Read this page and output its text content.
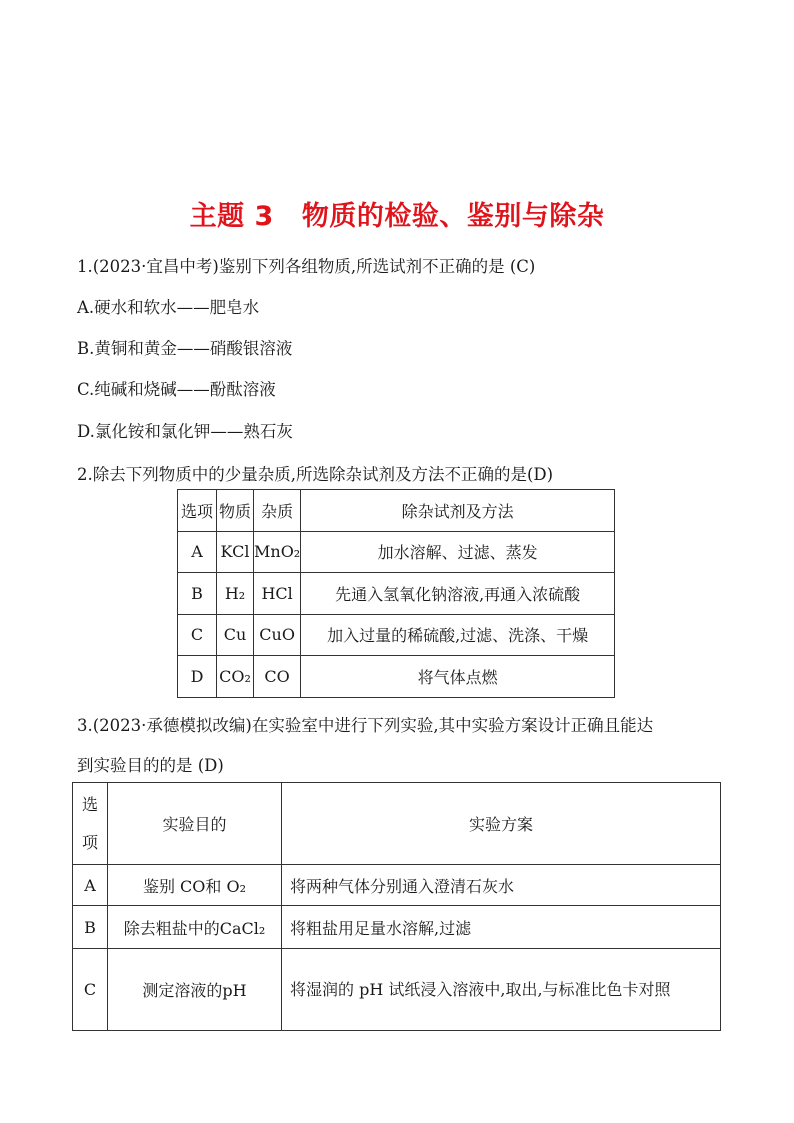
主题 3 物质的检验、鉴别与除杂
1.(2023·宜昌中考)鉴别下列各组物质,所选试剂不正确的是 (C)
A.硬水和软水——肥皂水
B.黄铜和黄金——硝酸银溶液
C.纯碱和烧碱——酚酞溶液
D.氯化铵和氯化钾——熟石灰
2.除去下列物质中的少量杂质,所选除杂试剂及方法不正确的是(D)
选项	物质	杂质	除杂试剂及方法
A	KCl	MnO₂	加水溶解、过滤、蒸发
B	H₂	HCl	先通入氢氧化钠溶液,再通入浓硫酸
C	Cu	CuO	加入过量的稀硫酸,过滤、洗涤、干燥
D	CO₂	CO	将气体点燃
3.(2023·承德模拟改编)在实验室中进行下列实验,其中实验方案设计正确且能达
到实验目的的是 (D)
选项	实验目的	实验方案
A	鉴别 CO和 O₂	将两种气体分别通入澄清石灰水
B	除去粗盐中的CaCl₂	将粗盐用足量水溶解,过滤
C	测定溶液的pH	将湿润的 pH 试纸浸入溶液中,取出,与标准比色卡对照
